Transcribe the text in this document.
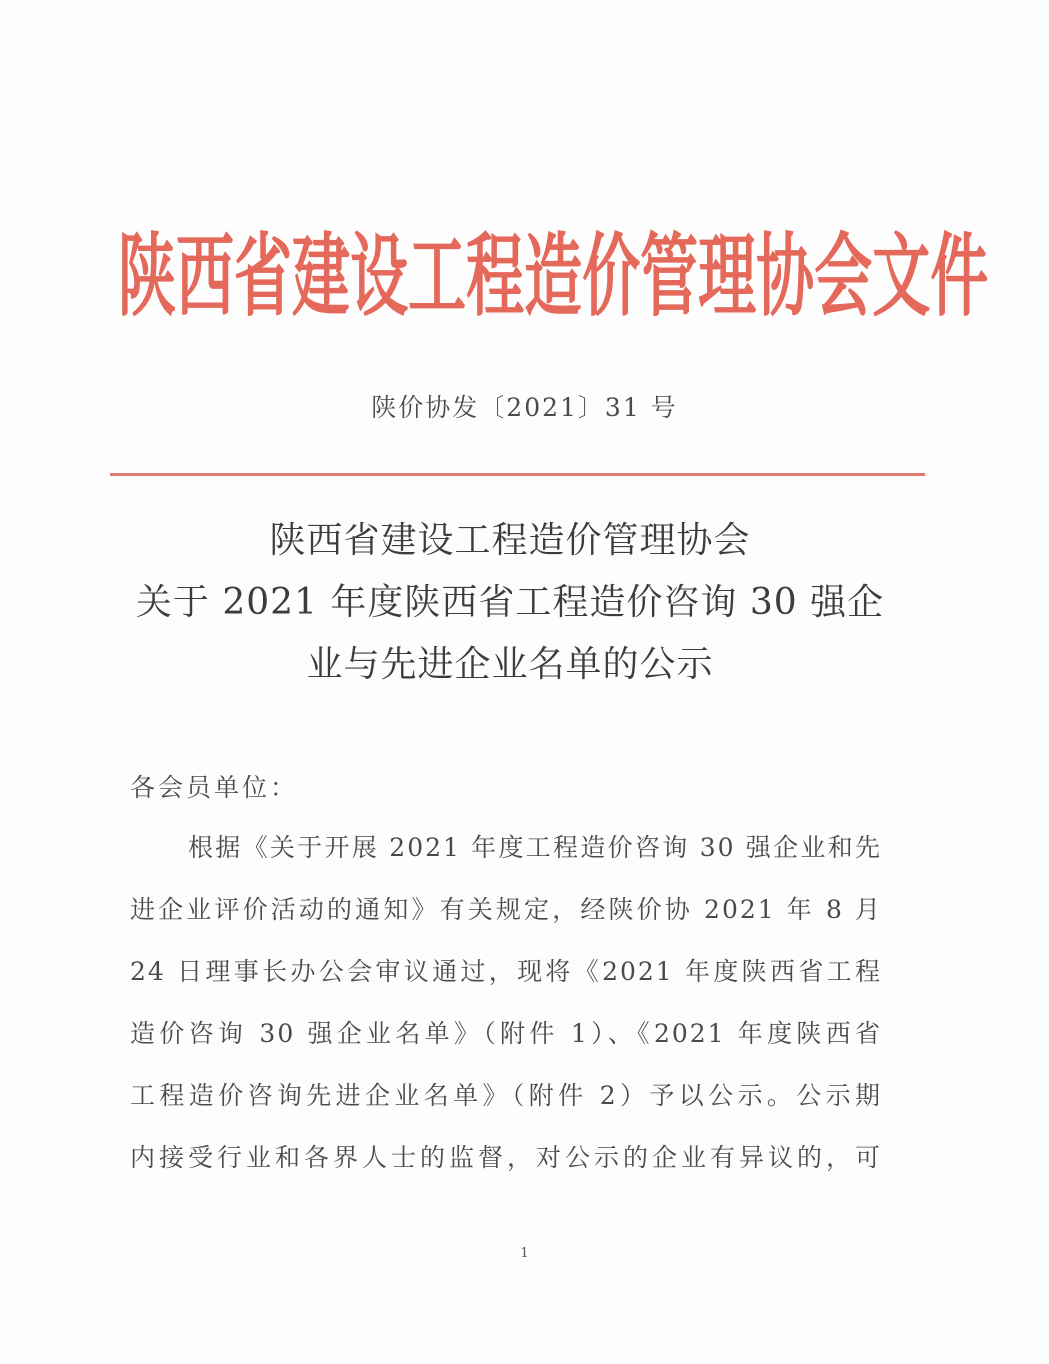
陕 西 省 建 设 工 程 造 价 管 理 协 会 文 件
陕价协发〔2021〕31 号
陕西省建设工程造价管理协会
关于 2021 年度陕西省工程造价咨询 30 强企
业与先进企业名单的公示
各会员单位：
根据《关于开展 2021 年度工程造价咨询 30 强企业和先
进企业评价活动的通知》有关规定，经陕价协 2021 年 8 月
24 日理事长办公会审议通过，现将《2021 年度陕西省工程
造价咨询 30 强企业名单》（附件 1）、《2021 年度陕西省
工程造价咨询先进企业名单》（附件 2）予以公示。公示期
内接受行业和各界人士的监督，对公示的企业有异议的，可
1
